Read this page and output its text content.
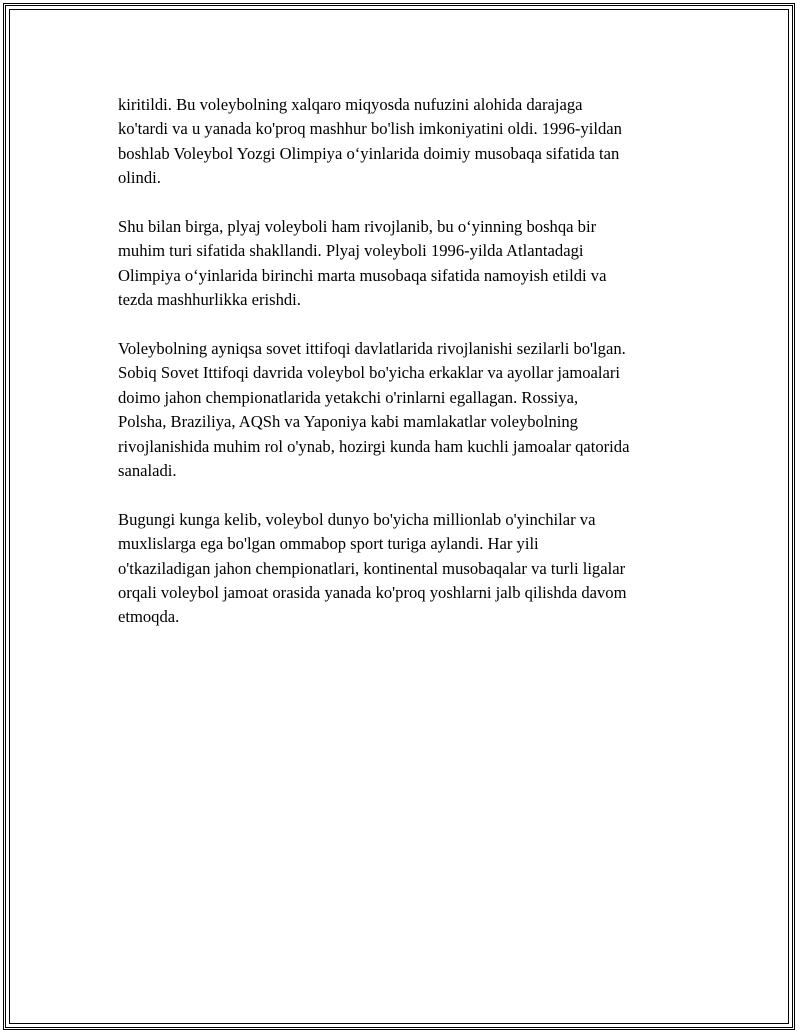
kiritildi. Bu voleybolning xalqaro miqyosda nufuzini alohida darajaga
ko'tardi va u yanada ko'proq mashhur bo'lish imkoniyatini oldi. 1996-yildan
boshlab Voleybol Yozgi Olimpiya o‘yinlarida doimiy musobaqa sifatida tan
olindi.

Shu bilan birga, plyaj voleyboli ham rivojlanib, bu o‘yinning boshqa bir
muhim turi sifatida shakllandi. Plyaj voleyboli 1996-yilda Atlantadagi
Olimpiya o‘yinlarida birinchi marta musobaqa sifatida namoyish etildi va
tezda mashhurlikka erishdi.

Voleybolning ayniqsa sovet ittifoqi davlatlarida rivojlanishi sezilarli bo'lgan.
Sobiq Sovet Ittifoqi davrida voleybol bo'yicha erkaklar va ayollar jamoalari
doimo jahon chempionatlarida yetakchi o'rinlarni egallagan. Rossiya,
Polsha, Braziliya, AQSh va Yaponiya kabi mamlakatlar voleybolning
rivojlanishida muhim rol o'ynab, hozirgi kunda ham kuchli jamoalar qatorida
sanaladi.

Bugungi kunga kelib, voleybol dunyo bo'yicha millionlab o'yinchilar va
muxlislarga ega bo'lgan ommabop sport turiga aylandi. Har yili
o'tkaziladigan jahon chempionatlari, kontinental musobaqalar va turli ligalar
orqali voleybol jamoat orasida yanada ko'proq yoshlarni jalb qilishda davom
etmoqda.
